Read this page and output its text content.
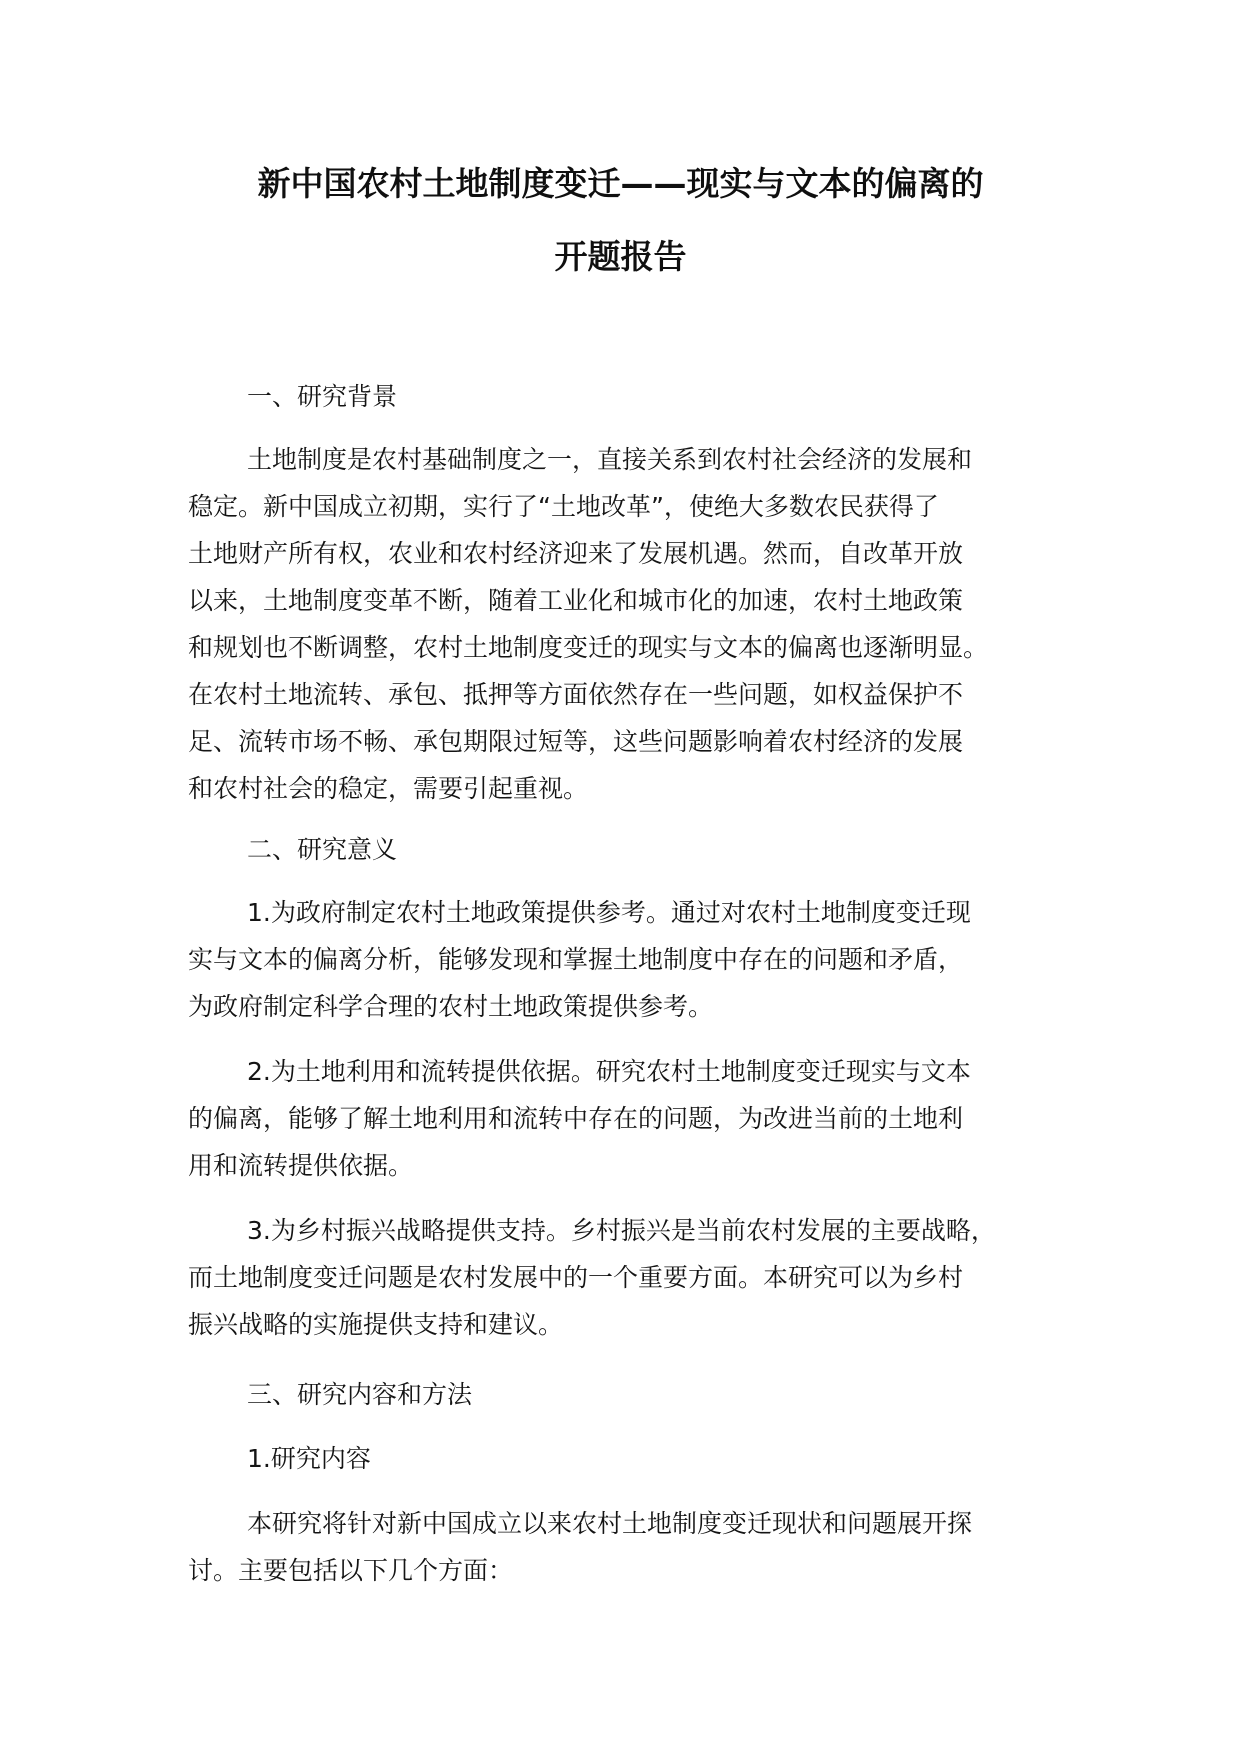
新中国农村土地制度变迁——现实与文本的偏离的
开题报告
一、研究背景
土地制度是农村基础制度之一，直接关系到农村社会经济的发展和
稳定。新中国成立初期，实行了“土地改革”，使绝大多数农民获得了
土地财产所有权，农业和农村经济迎来了发展机遇。然而，自改革开放
以来，土地制度变革不断，随着工业化和城市化的加速，农村土地政策
和规划也不断调整，农村土地制度变迁的现实与文本的偏离也逐渐明显。
在农村土地流转、承包、抵押等方面依然存在一些问题，如权益保护不
足、流转市场不畅、承包期限过短等，这些问题影响着农村经济的发展
和农村社会的稳定，需要引起重视。
二、研究意义
1.为政府制定农村土地政策提供参考。通过对农村土地制度变迁现
实与文本的偏离分析，能够发现和掌握土地制度中存在的问题和矛盾，
为政府制定科学合理的农村土地政策提供参考。
2.为土地利用和流转提供依据。研究农村土地制度变迁现实与文本
的偏离，能够了解土地利用和流转中存在的问题，为改进当前的土地利
用和流转提供依据。
3.为乡村振兴战略提供支持。乡村振兴是当前农村发展的主要战略，
而土地制度变迁问题是农村发展中的一个重要方面。本研究可以为乡村
振兴战略的实施提供支持和建议。
三、研究内容和方法
1.研究内容
本研究将针对新中国成立以来农村土地制度变迁现状和问题展开探
讨。主要包括以下几个方面：
